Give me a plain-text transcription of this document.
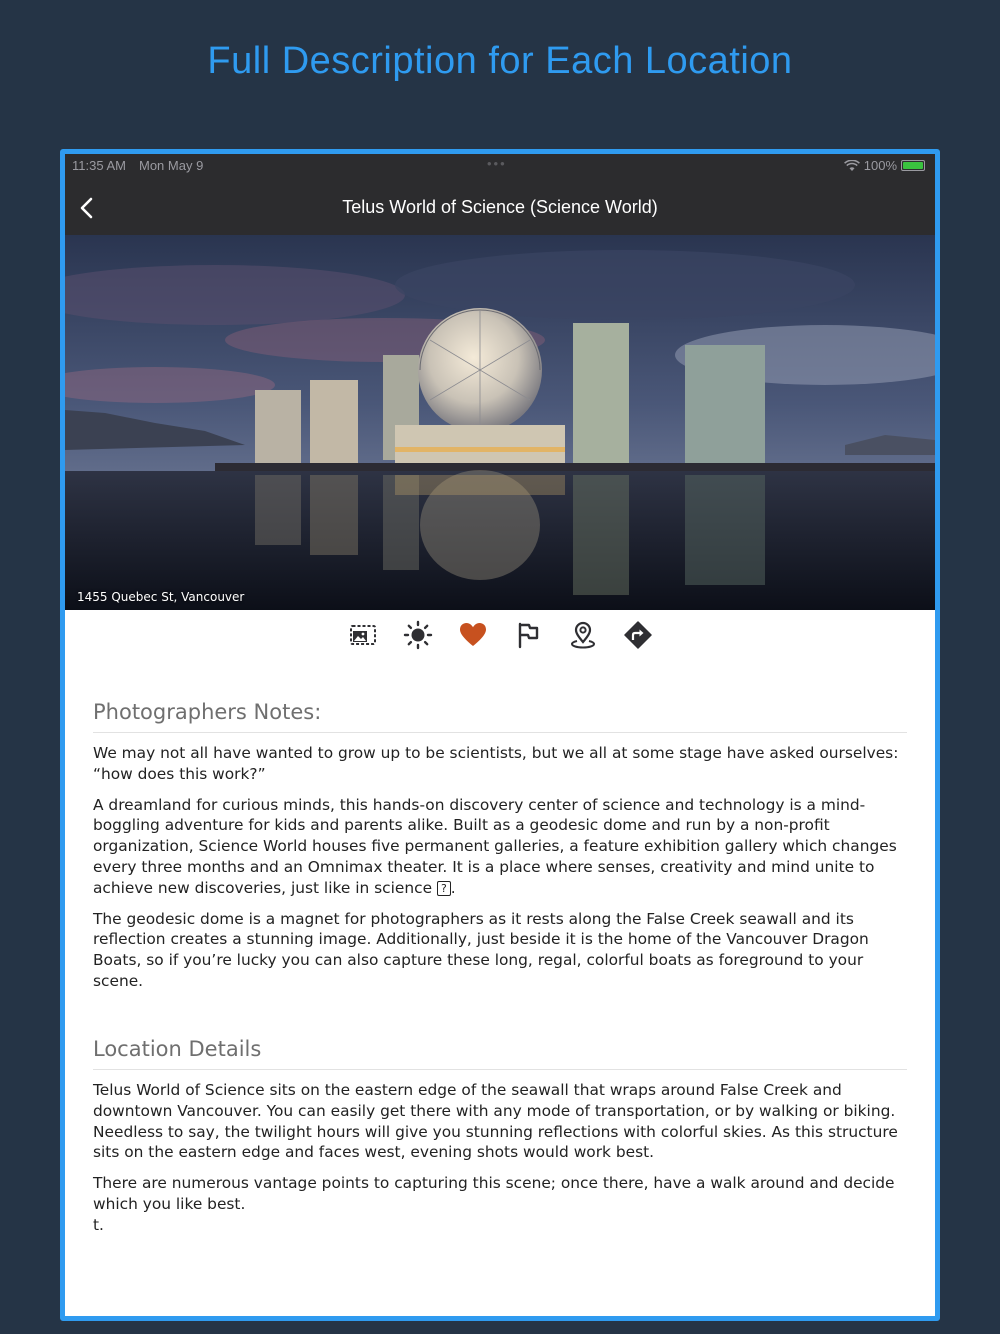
Full Description for Each Location
11:35 AM Mon May 9	•••	100%
Telus World of Science (Science World)
1455 Quebec St, Vancouver
Photographers Notes:

We may not all have wanted to grow up to be scientists, but we all at some stage have asked ourselves: “how does this work?”

A dreamland for curious minds, this hands-on discovery center of science and technology is a mind-boggling adventure for kids and parents alike. Built as a geodesic dome and run by a non-profit organization, Science World houses five permanent galleries, a feature exhibition gallery which changes every three months and an Omnimax theater. It is a place where senses, creativity and mind unite to achieve new discoveries, just like in science ? .

The geodesic dome is a magnet for photographers as it rests along the False Creek seawall and its reflection creates a stunning image. Additionally, just beside it is the home of the Vancouver Dragon Boats, so if you’re lucky you can also capture these long, regal, colorful boats as foreground to your scene.

Location Details

Telus World of Science sits on the eastern edge of the seawall that wraps around False Creek and downtown Vancouver. You can easily get there with any mode of transportation, or by walking or biking. Needless to say, the twilight hours will give you stunning reflections with colorful skies. As this structure sits on the eastern edge and faces west, evening shots would work best.

There are numerous vantage points to capturing this scene; once there, have a walk around and decide which you like best.

t.
